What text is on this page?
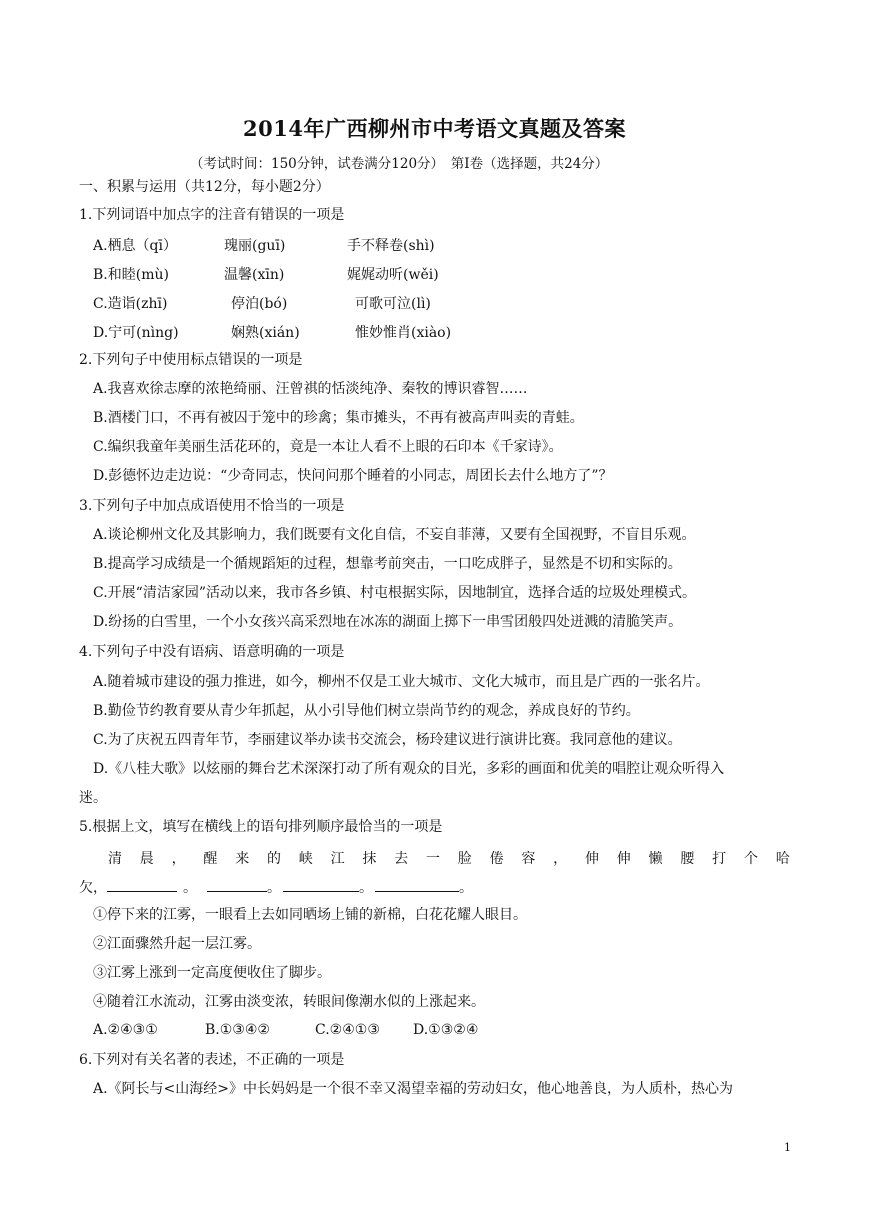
2014年广西柳州市中考语文真题及答案
（考试时间：150分钟，试卷满分120分）　第Ⅰ卷（选择题，共24分）
一、积累与运用（共12分，每小题2分）
1.下列词语中加点字的注音有错误的一项是
A.栖息（qī）	瑰丽(guī)	手不释卷(shì)
B.和睦(mù)	温馨(xīn)	娓娓动听(wěi)
C.造诣(zhī)	停泊(bó)	可歌可泣(lì)
D.宁可(nìng)	娴熟(xián)	惟妙惟肖(xiào)
2.下列句子中使用标点错误的一项是
A.我喜欢徐志摩的浓艳绮丽、汪曾祺的恬淡纯净、秦牧的博识睿智……
B.酒楼门口，不再有被囚于笼中的珍禽；集市摊头，不再有被高声叫卖的青蛙。
C.编织我童年美丽生活花环的，竟是一本让人看不上眼的石印本《千家诗》。
D.彭德怀边走边说：“少奇同志，快问问那个睡着的小同志，周团长去什么地方了”？
3.下列句子中加点成语使用不恰当的一项是
A.谈论柳州文化及其影响力，我们既要有文化自信，不妄自菲薄，又要有全国视野，不盲目乐观。
B.提高学习成绩是一个循规蹈矩的过程，想靠考前突击，一口吃成胖子，显然是不切和实际的。
C.开展“清洁家园”活动以来，我市各乡镇、村屯根据实际，因地制宜，选择合适的垃圾处理模式。
D.纷扬的白雪里，一个小女孩兴高采烈地在冰冻的湖面上掷下一串雪团般四处迸溅的清脆笑声。
4.下列句子中没有语病、语意明确的一项是
A.随着城市建设的强力推进，如今，柳州不仅是工业大城市、文化大城市，而且是广西的一张名片。
B.勤俭节约教育要从青少年抓起，从小引导他们树立崇尚节约的观念，养成良好的节约。
C.为了庆祝五四青年节，李丽建议举办读书交流会，杨玲建议进行演讲比赛。我同意他的建议。
D.《八桂大歌》以炫丽的舞台艺术深深打动了所有观众的目光，多彩的画面和优美的唱腔让观众听得入
迷。
5.根据上文，填写在横线上的语句排列顺序最恰当的一项是
清 晨 ， 醒 来 的 峡 江 抹 去 一 脸 倦 容 ， 伸 伸 懒 腰 打 个 哈
欠，	。	。	。	。
①停下来的江雾，一眼看上去如同晒场上铺的新棉，白花花耀人眼目。
②江面骤然升起一层江雾。
③江雾上涨到一定高度便收住了脚步。
④随着江水流动，江雾由淡变浓，转眼间像潮水似的上涨起来。
A.②④③①	B.①③④②	C.②④①③ D.①③②④
6.下列对有关名著的表述，不正确的一项是
A.《阿长与<山海经>》中长妈妈是一个很不幸又渴望幸福的劳动妇女，他心地善良，为人质朴，热心为
1
